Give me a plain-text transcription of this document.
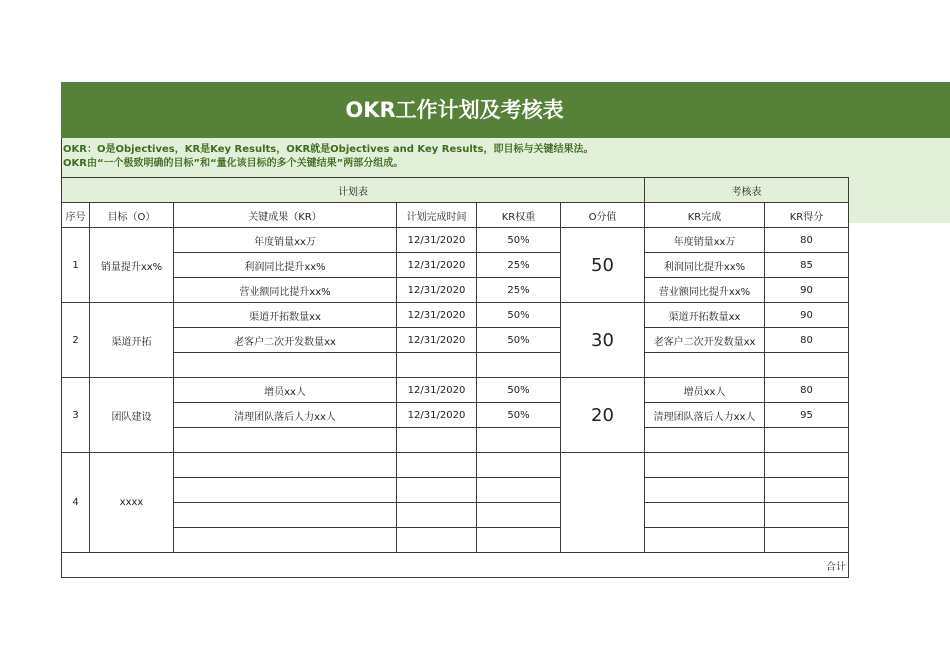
OKR工作计划及考核表
OKR：O是Objectives，KR是Key Results，OKR就是Objectives and Key Results，即目标与关键结果法。
OKR由“一个极致明确的目标”和“量化该目标的多个关键结果”两部分组成。
计划表						考核表	
序号	目标（O）	关键成果（KR）	计划完成时间	KR权重	O分值	KR完成	KR得分
1	销量提升xx%	年度销量xx万	12/31/2020	50%	50	年度销量xx万	80
		利润同比提升xx%	12/31/2020	25%		利润同比提升xx%	85
		营业额同比提升xx%	12/31/2020	25%		营业额同比提升xx%	90
2	渠道开拓	渠道开拓数量xx	12/31/2020	50%	30	渠道开拓数量xx	90
		老客户二次开发数量xx	12/31/2020	50%		老客户二次开发数量xx	80

3	团队建设	增员xx人	12/31/2020	50%	20	增员xx人	80
		清理团队落后人力xx人	12/31/2020	50%		清理团队落后人力xx人	95

4	xxxx						

合计							
